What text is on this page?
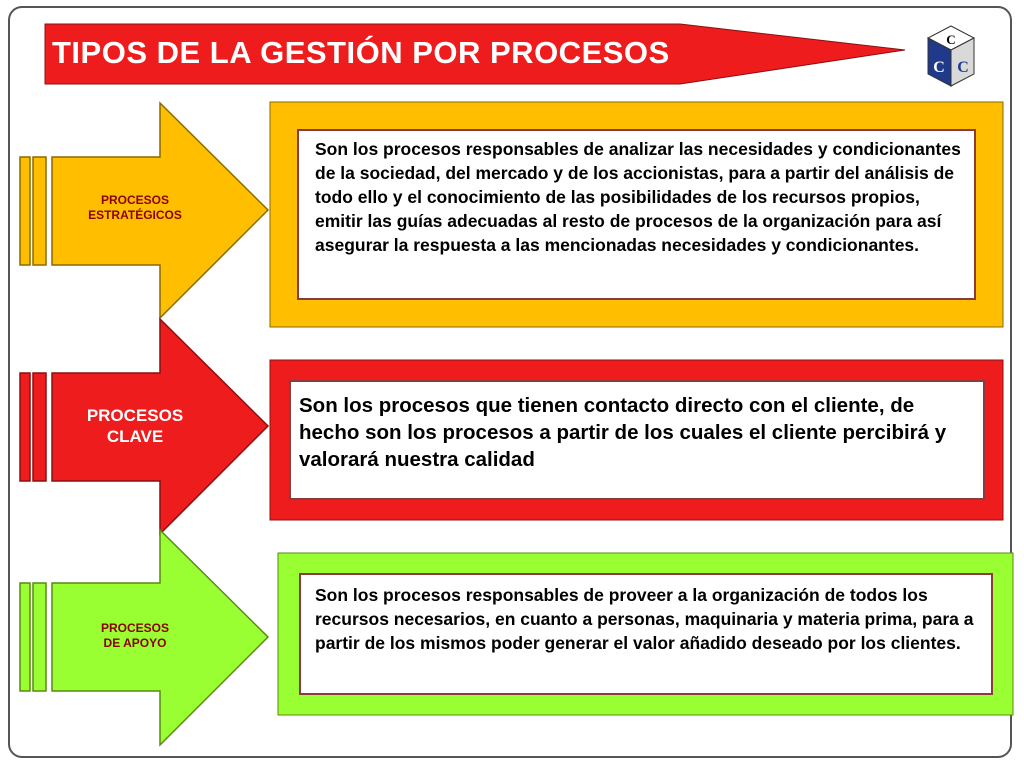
TIPOS DE LA GESTIÓN POR PROCESOS	C
C C
PROCESOS
ESTRATÉGICOS
PROCESOS
CLAVE
PROCESOS
DE APOYO

Son los procesos responsables de analizar las necesidades y condicionantes de la sociedad, del mercado y de los accionistas, para a partir del análisis de todo ello y el conocimiento de las posibilidades de los recursos propios, emitir las guías adecuadas al resto de procesos de la organización para así asegurar la respuesta a las mencionadas necesidades y condicionantes.

Son los procesos que tienen contacto directo con el cliente, de hecho son los procesos a partir de los cuales el cliente percibirá y valorará nuestra calidad

Son los procesos responsables de proveer a la organización de todos los recursos necesarios, en cuanto a personas, maquinaria y materia prima, para a partir de los mismos poder generar el valor añadido deseado por los clientes.
